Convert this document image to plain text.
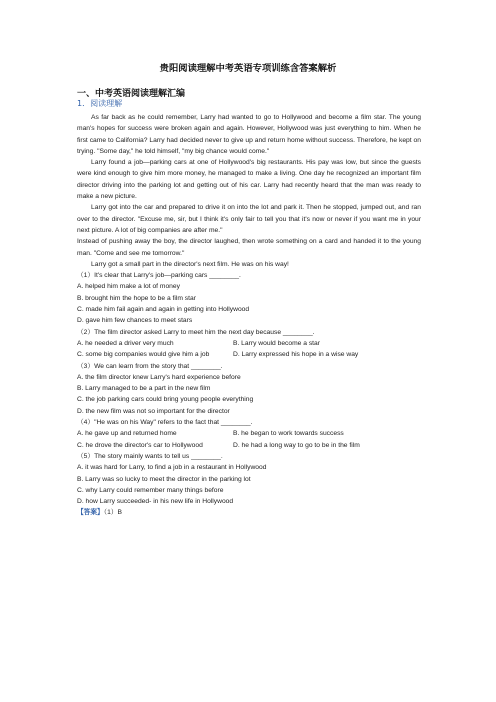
贵阳阅读理解中考英语专项训练含答案解析
一、中考英语阅读理解汇编
1．阅读理解

As far back as he could remember, Larry had wanted to go to Hollywood and become a film star. The young man's hopes for success were broken again and again. However, Hollywood was just everything to him. When he first came to California? Larry had decided never to give up and return home without success. Therefore, he kept on trying. "Some day," he told himself, "my big chance would come."

Larry found a job—parking cars at one of Hollywood's big restaurants. His pay was low, but since the guests were kind enough to give him more money, he managed to make a living. One day he recognized an important film director driving into the parking lot and getting out of his car. Larry had recently heard that the man was ready to make a new picture.

Larry got into the car and prepared to drive it on into the lot and park it. Then he stopped, jumped out, and ran over to the director. "Excuse me, sir, but I think it's only fair to tell you that it's now or never if you want me in your next picture. A lot of big companies are after me."

Instead of pushing away the boy, the director laughed, then wrote something on a card and handed it to the young man. "Come and see me tomorrow."

Larry got a small part in the director's next film. He was on his way!

（1）It's clear that Larry's job—parking cars ________.

A. helped him make a lot of money

B. brought him the hope to be a film star

C. made him fail again and again in getting into Hollywood

D. gave him few chances to meet stars

（2）The film director asked Larry to meet him the next day because ________.

A. he needed a driver very much	B. Larry would become a star
C. some big companies would give him a job	D. Larry expressed his hope in a wise way

（3）We can learn from the story that ________.

A. the film director knew Larry's hard experience before

B. Larry managed to be a part in the new film

C. the job parking cars could bring young people everything

D. the new film was not so important for the director

（4）"He was on his Way" refers to the fact that ________.

A. he gave up and returned home	B. he began to work towards success
C. he drove the director's car to Hollywood	D. he had a long way to go to be in the film

（5）The story mainly wants to tell us ________.

A. it was hard for Larry, to find a job in a restaurant in Hollywood

B. Larry was so lucky to meet the director in the parking lot

C. why Larry could remember many things before

D. how Larry succeeded- in his new life in Hollywood

【答案】（1）B
